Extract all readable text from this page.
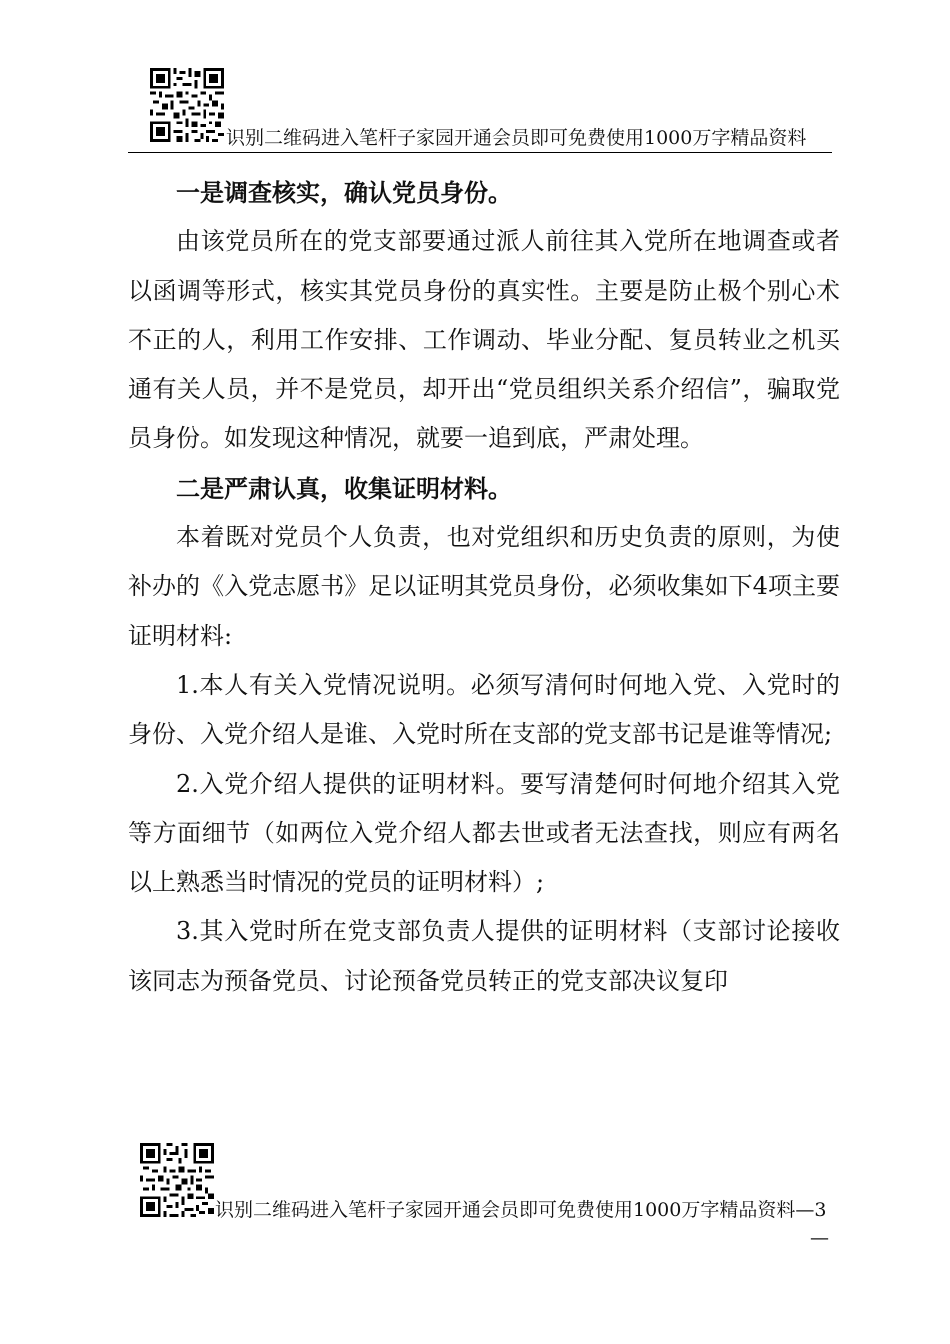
识别二维码进入笔杆子家园开通会员即可免费使用1000万字精品资料

一是调查核实，确认党员身份。

由该党员所在的党支部要通过派人前往其入党所在地调查或者以函调等形式，核实其党员身份的真实性。主要是防止极个别心术不正的人，利用工作安排、工作调动、毕业分配、复员转业之机买通有关人员，并不是党员，却开出“党员组织关系介绍信”，骗取党员身份。如发现这种情况，就要一追到底，严肃处理。

二是严肃认真，收集证明材料。

本着既对党员个人负责，也对党组织和历史负责的原则，为使补办的《入党志愿书》足以证明其党员身份，必须收集如下4项主要证明材料:

1.本人有关入党情况说明。必须写清何时何地入党、入党时的身份、入党介绍人是谁、入党时所在支部的党支部书记是谁等情况;

2.入党介绍人提供的证明材料。要写清楚何时何地介绍其入党等方面细节（如两位入党介绍人都去世或者无法查找，则应有两名以上熟悉当时情况的党员的证明材料）;

3.其入党时所在党支部负责人提供的证明材料（支部讨论接收该同志为预备党员、讨论预备党员转正的党支部决议复印

识别二维码进入笔杆子家园开通会员即可免费使用1000万字精品资料—3
—
